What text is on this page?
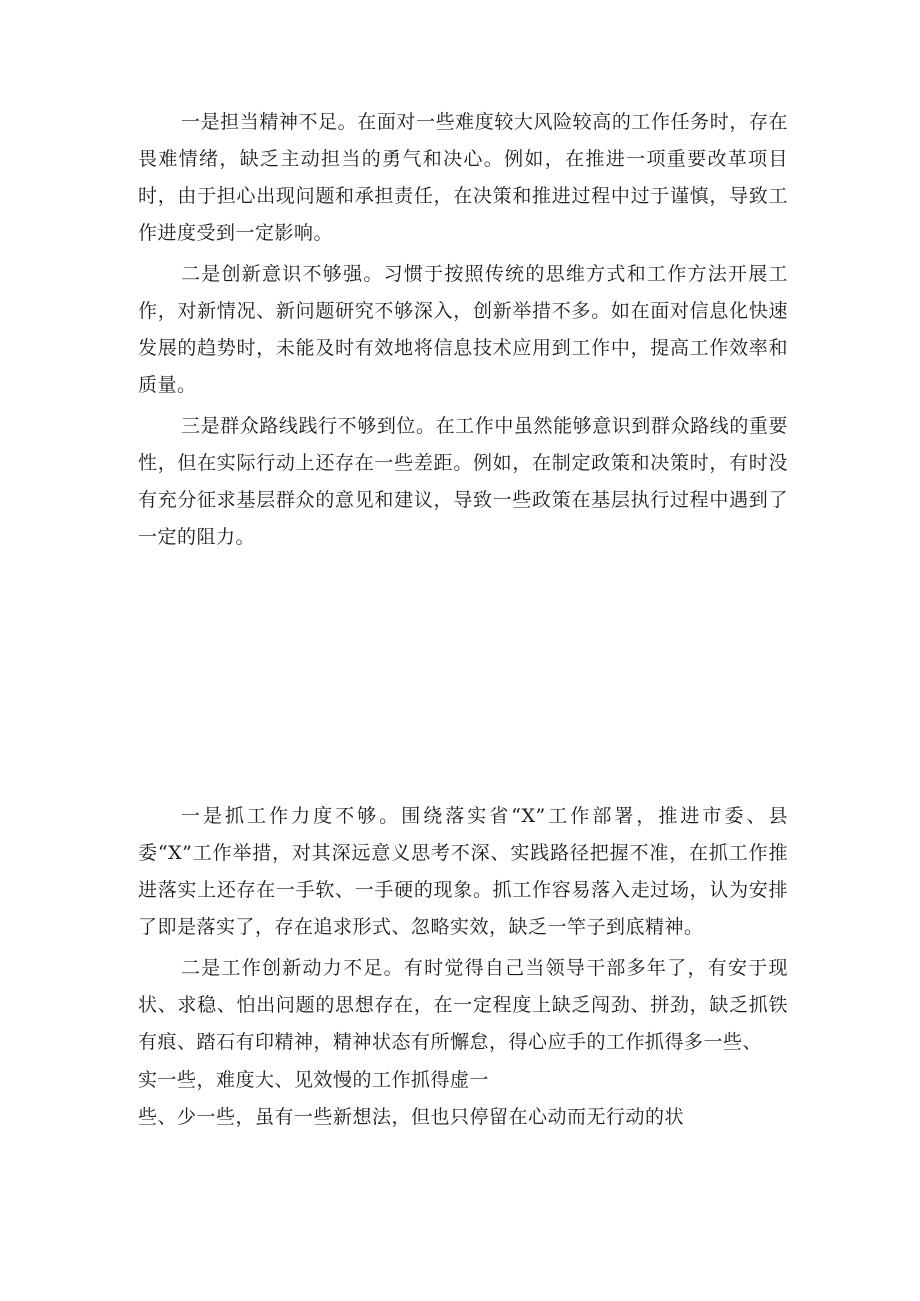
一是担当精神不足。在面对一些难度较大风险较高的工作任务时，存在畏难情绪，缺乏主动担当的勇气和决心。例如，在推进一项重要改革项目时，由于担心出现问题和承担责任，在决策和推进过程中过于谨慎，导致工作进度受到一定影响。

二是创新意识不够强。习惯于按照传统的思维方式和工作方法开展工作，对新情况、新问题研究不够深入，创新举措不多。如在面对信息化快速发展的趋势时，未能及时有效地将信息技术应用到工作中，提高工作效率和质量。

三是群众路线践行不够到位。在工作中虽然能够意识到群众路线的重要性，但在实际行动上还存在一些差距。例如，在制定政策和决策时，有时没有充分征求基层群众的意见和建议，导致一些政策在基层执行过程中遇到了一定的阻力。

一是抓工作力度不够。围绕落实省“X”工作部署，推进市委、县委“X”工作举措，对其深远意义思考不深、实践路径把握不准，在抓工作推进落实上还存在一手软、一手硬的现象。抓工作容易落入走过场，认为安排了即是落实了，存在追求形式、忽略实效，缺乏一竿子到底精神。

二是工作创新动力不足。有时觉得自己当领导干部多年了，有安于现状、求稳、怕出问题的思想存在，在一定程度上缺乏闯劲、拼劲，缺乏抓铁有痕、踏石有印精神，精神状态有所懈怠，得心应手的工作抓得多一些、

实一些，难度大、见效慢的工作抓得虚一

些、少一些，虽有一些新想法，但也只停留在心动而无行动的状
